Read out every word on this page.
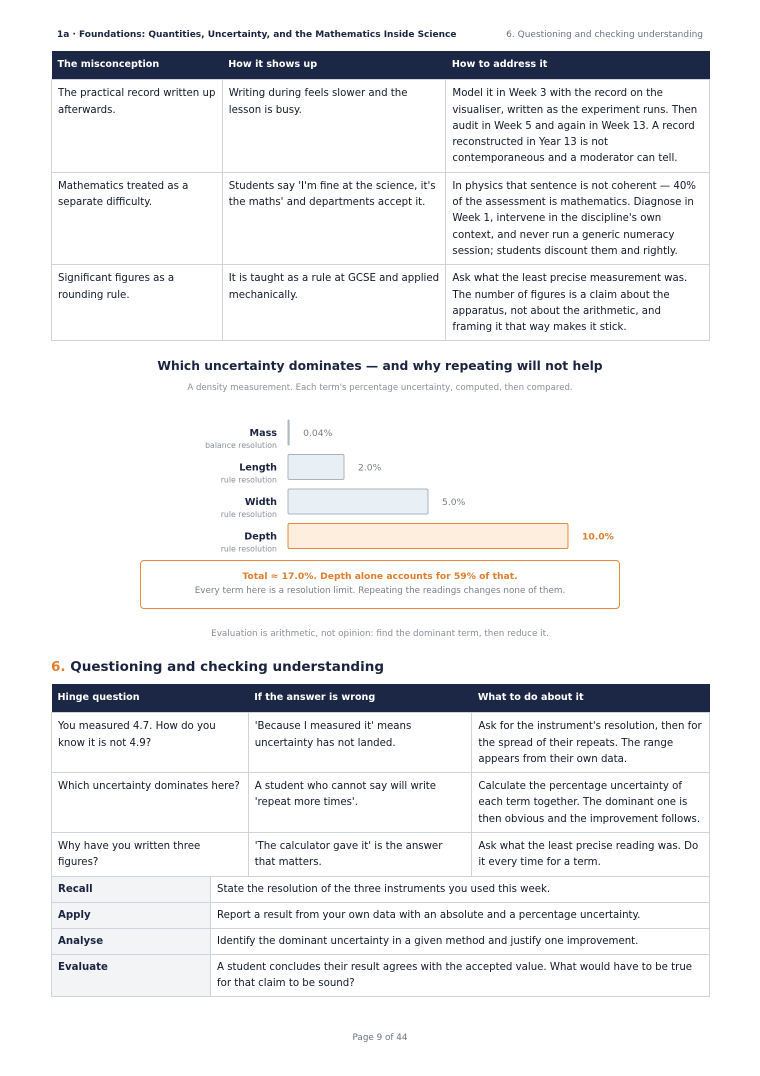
1a · Foundations: Quantities, Uncertainty, and the Mathematics Inside Science	6. Questioning and checking understanding
The misconception	How it shows up	How to address it
The practical record written up afterwards.	Writing during feels slower and the lesson is busy.	Model it in Week 3 with the record on the visualiser, written as the experiment runs. Then audit in Week 5 and again in Week 13. A record reconstructed in Year 13 is not contemporaneous and a moderator can tell.
Mathematics treated as a separate difficulty.	Students say 'I'm fine at the science, it's the maths' and departments accept it.	In physics that sentence is not coherent — 40% of the assessment is mathematics. Diagnose in Week 1, intervene in the discipline's own context, and never run a generic numeracy session; students discount them and rightly.
Significant figures as a rounding rule.	It is taught as a rule at GCSE and applied mechanically.	Ask what the least precise measurement was. The number of figures is a claim about the apparatus, not about the arithmetic, and framing it that way makes it stick.
Which uncertainty dominates — and why repeating will not help
A density measurement. Each term's percentage uncertainty, computed, then compared.
Mass
balance resolution
0.04%
Length
rule resolution
2.0%
Width
rule resolution
5.0%
Depth
rule resolution
10.0%
Total ≈ 17.0%. Depth alone accounts for 59% of that.
Every term here is a resolution limit. Repeating the readings changes none of them.
Evaluation is arithmetic, not opinion: find the dominant term, then reduce it.
6. Questioning and checking understanding
Hinge question	If the answer is wrong	What to do about it
You measured 4.7. How do you know it is not 4.9?	'Because I measured it' means uncertainty has not landed.	Ask for the instrument's resolution, then for the spread of their repeats. The range appears from their own data.
Which uncertainty dominates here?	A student who cannot say will write 'repeat more times'.	Calculate the percentage uncertainty of each term together. The dominant one is then obvious and the improvement follows.
Why have you written three figures?	'The calculator gave it' is the answer that matters.	Ask what the least precise reading was. Do it every time for a term.
Recall	State the resolution of the three instruments you used this week.
Apply	Report a result from your own data with an absolute and a percentage uncertainty.
Analyse	Identify the dominant uncertainty in a given method and justify one improvement.
Evaluate	A student concludes their result agrees with the accepted value. What would have to be true for that claim to be sound?
Page 9 of 44
